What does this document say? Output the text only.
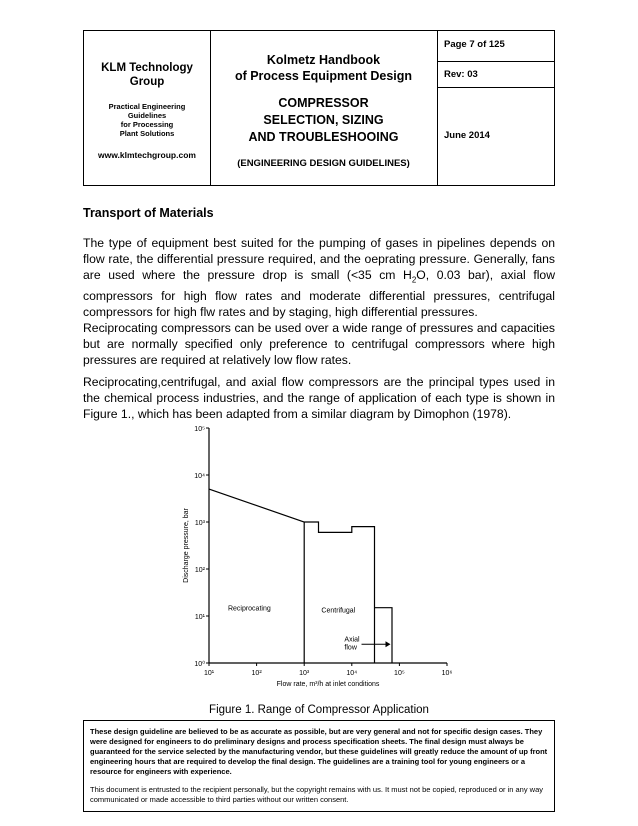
KLM Technology
Group
Practical Engineering
Guidelines
for Processing
Plant Solutions
www.klmtechgroup.com
Kolmetz Handbook
of Process Equipment Design
COMPRESSOR
SELECTION, SIZING
AND TROUBLESHOOING
(ENGINEERING DESIGN GUIDELINES)
Page 7 of 125
Rev: 03
June 2014
Transport of Materials
The type of equipment best suited for the pumping of gases in pipelines depends on flow rate, the differential pressure required, and the oeprating pressure. Generally, fans are used where the pressure drop is small (<35 cm $H_2O$, 0.03 bar), axial flow compressors for high flow rates and moderate differential pressures, centrifugal compressors for high flw rates and by staging, high differential pressures.
Reciprocating compressors can be used over a wide range of pressures and capacities but are normally specified only preference to centrifugal compressors where high pressures are required at relatively low flow rates.
Reciprocating,centrifugal, and axial flow compressors are the principal types used in the chemical process industries, and the range of application of each type is shown in Figure 1., which has been adapted from a similar diagram by Dimophon (1978).
10¹	10²	10³	10⁴	10⁵	10⁶
10⁰
10¹
10²
10³
10⁴
10⁵
Flow rate, m³/h at inlet conditions
Discharge pressure, bar
Reciprocating	Centrifugal
Axial
flow
Figure 1. Range of Compressor Application
These design guideline are believed to be as accurate as possible, but are very general and not for specific design cases. They were designed for engineers to do preliminary designs and process specification sheets. The final design must always be guaranteed for the service selected by the manufacturing vendor, but these guidelines will greatly reduce the amount of up front engineering hours that are required to develop the final design. The guidelines are a training tool for young engineers or a resource for engineers with experience.
This document is entrusted to the recipient personally, but the copyright remains with us. It must not be copied, reproduced or in any way communicated or made accessible to third parties without our written consent.
